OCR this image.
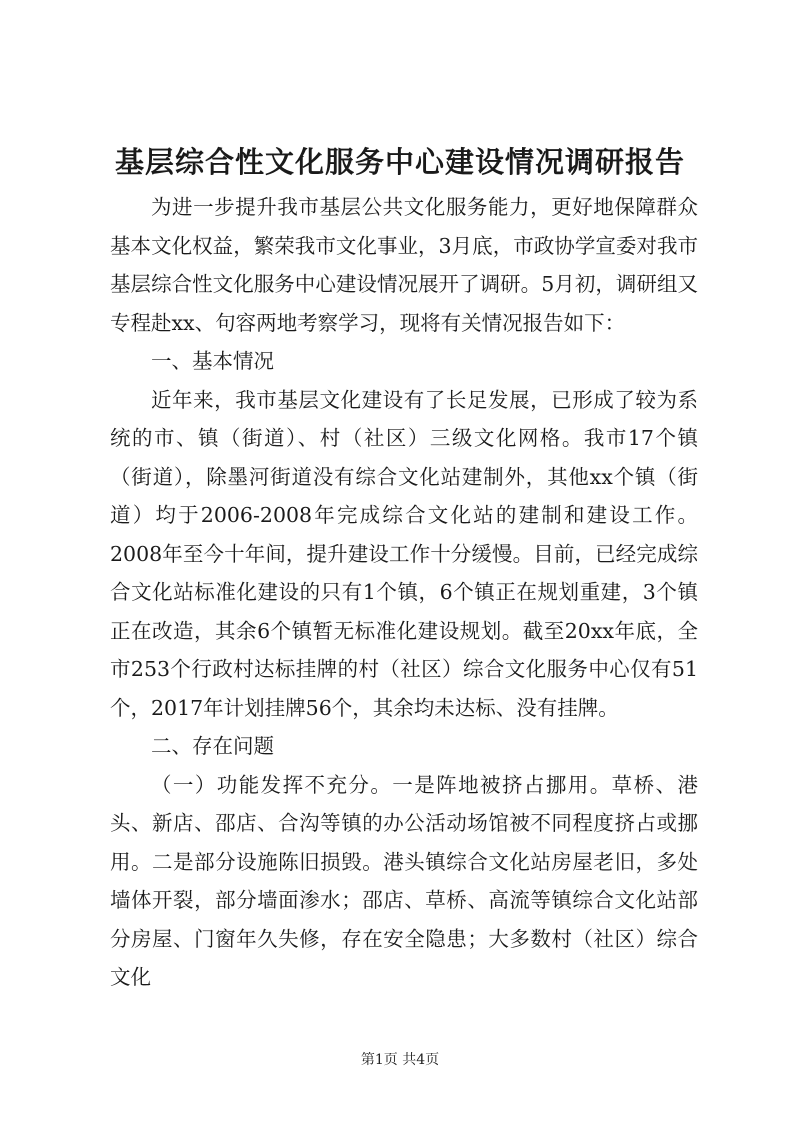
基层综合性文化服务中心建设情况调研报告

为进一步提升我市基层公共文化服务能力，更好地保障群众基本文化权益，繁荣我市文化事业，3月底，市政协学宣委对我市基层综合性文化服务中心建设情况展开了调研。5月初，调研组又专程赴xx、句容两地考察学习，现将有关情况报告如下：

一、基本情况

近年来，我市基层文化建设有了长足发展，已形成了较为系统的市、镇（街道）、村（社区）三级文化网格。我市17个镇（街道），除墨河街道没有综合文化站建制外，其他xx个镇（街道）均于2006-2008年完成综合文化站的建制和建设工作。2008年至今十年间，提升建设工作十分缓慢。目前，已经完成综合文化站标准化建设的只有1个镇，6个镇正在规划重建，3个镇正在改造，其余6个镇暂无标准化建设规划。截至20xx年底，全市253个行政村达标挂牌的村（社区）综合文化服务中心仅有51个，2017年计划挂牌56个，其余均未达标、没有挂牌。

二、存在问题

（一）功能发挥不充分。一是阵地被挤占挪用。草桥、港头、新店、邵店、合沟等镇的办公活动场馆被不同程度挤占或挪用。二是部分设施陈旧损毁。港头镇综合文化站房屋老旧，多处墙体开裂，部分墙面渗水；邵店、草桥、高流等镇综合文化站部分房屋、门窗年久失修，存在安全隐患；大多数村（社区）综合文化

第1页 共4页
